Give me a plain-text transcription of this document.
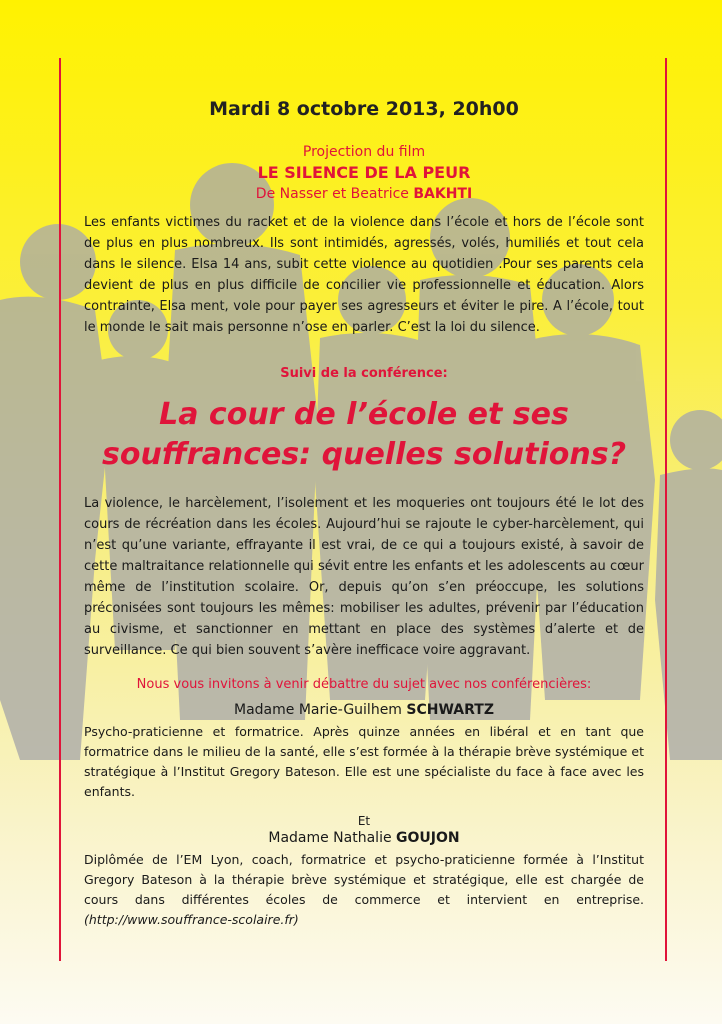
Mardi 8 octobre 2013, 20h00
Projection du film
LE SILENCE DE LA PEUR
De Nasser et Beatrice BAKHTI

Les enfants victimes du racket et de la violence dans l’école et hors de l’école sont de plus en plus nombreux. Ils sont intimidés, agressés, volés, humiliés et tout cela dans le silence. Elsa 14 ans, subit cette violence au quotidien .Pour ses parents cela devient de plus en plus difficile de concilier vie professionnelle et éducation. Alors contrainte, Elsa ment, vole pour payer ses agresseurs et éviter le pire. A l’école, tout le monde le sait mais personne n’ose en parler. C’est la loi du silence.

Suivi de la conférence:
La cour de l’école et ses
souffrances: quelles solutions?

La violence, le harcèlement, l’isolement et les moqueries ont toujours été le lot des cours de récréation dans les écoles. Aujourd’hui se rajoute le cyber-harcèlement, qui n’est qu’une variante, effrayante il est vrai, de ce qui a toujours existé, à savoir de cette maltraitance relationnelle qui sévit entre les enfants et les adolescents au cœur même de l’institution scolaire. Or, depuis qu’on s’en préoccupe, les solutions préconisées sont toujours les mêmes: mobiliser les adultes, prévenir par l’éducation au civisme, et sanctionner en mettant en place des systèmes d’alerte et de surveillance. Ce qui bien souvent s’avère inefficace voire aggravant.

Nous vous invitons à venir débattre du sujet avec nos conférencières:
Madame Marie-Guilhem SCHWARTZ

Psycho-praticienne et formatrice. Après quinze années en libéral et en tant que formatrice dans le milieu de la santé, elle s’est formée à la thérapie brève systémique et stratégique à l’Institut Gregory Bateson. Elle est une spécialiste du face à face avec les enfants.

Et
Madame Nathalie GOUJON

Diplômée de l’EM Lyon, coach, formatrice et psycho-praticienne formée à l’Institut Gregory Bateson à la thérapie brève systémique et stratégique, elle est chargée de cours dans différentes écoles de commerce et intervient en entreprise. (http://www.souffrance-scolaire.fr)
